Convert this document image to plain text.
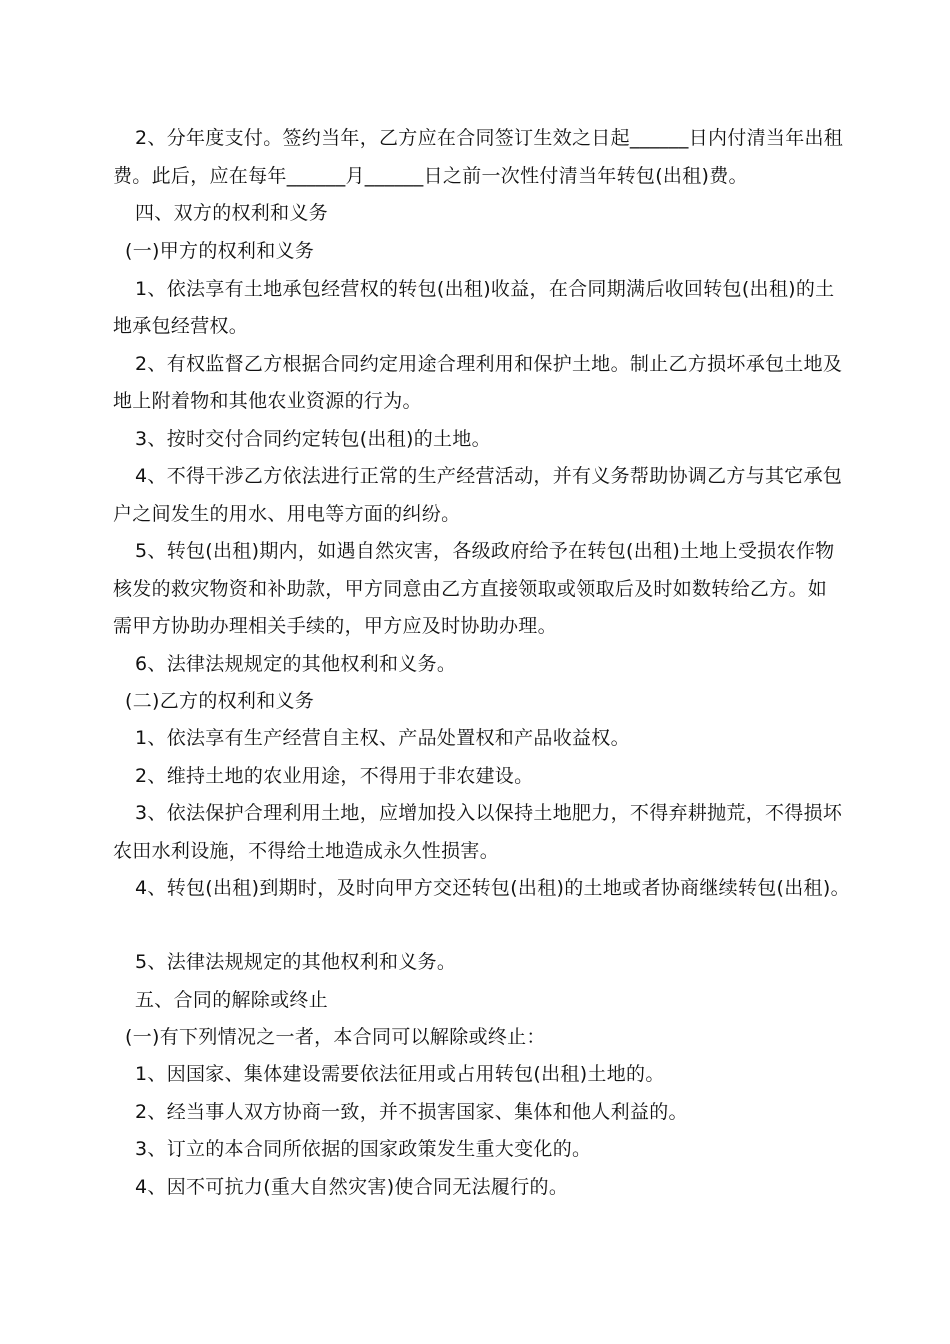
2、分年度支付。签约当年，乙方应在合同签订生效之日起______日内付清当年出租
费。此后，应在每年______月______日之前一次性付清当年转包(出租)费。
四、双方的权利和义务
(一)甲方的权利和义务
1、依法享有土地承包经营权的转包(出租)收益，在合同期满后收回转包(出租)的土
地承包经营权。
2、有权监督乙方根据合同约定用途合理利用和保护土地。制止乙方损坏承包土地及
地上附着物和其他农业资源的行为。
3、按时交付合同约定转包(出租)的土地。
4、不得干涉乙方依法进行正常的生产经营活动，并有义务帮助协调乙方与其它承包
户之间发生的用水、用电等方面的纠纷。
5、转包(出租)期内，如遇自然灾害，各级政府给予在转包(出租)土地上受损农作物
核发的救灾物资和补助款，甲方同意由乙方直接领取或领取后及时如数转给乙方。如
需甲方协助办理相关手续的，甲方应及时协助办理。
6、法律法规规定的其他权利和义务。
(二)乙方的权利和义务
1、依法享有生产经营自主权、产品处置权和产品收益权。
2、维持土地的农业用途，不得用于非农建设。
3、依法保护合理利用土地，应增加投入以保持土地肥力，不得弃耕抛荒，不得损坏
农田水利设施，不得给土地造成永久性损害。
4、转包(出租)到期时，及时向甲方交还转包(出租)的土地或者协商继续转包(出租)。
5、法律法规规定的其他权利和义务。
五、合同的解除或终止
(一)有下列情况之一者，本合同可以解除或终止：
1、因国家、集体建设需要依法征用或占用转包(出租)土地的。
2、经当事人双方协商一致，并不损害国家、集体和他人利益的。
3、订立的本合同所依据的国家政策发生重大变化的。
4、因不可抗力(重大自然灾害)使合同无法履行的。
